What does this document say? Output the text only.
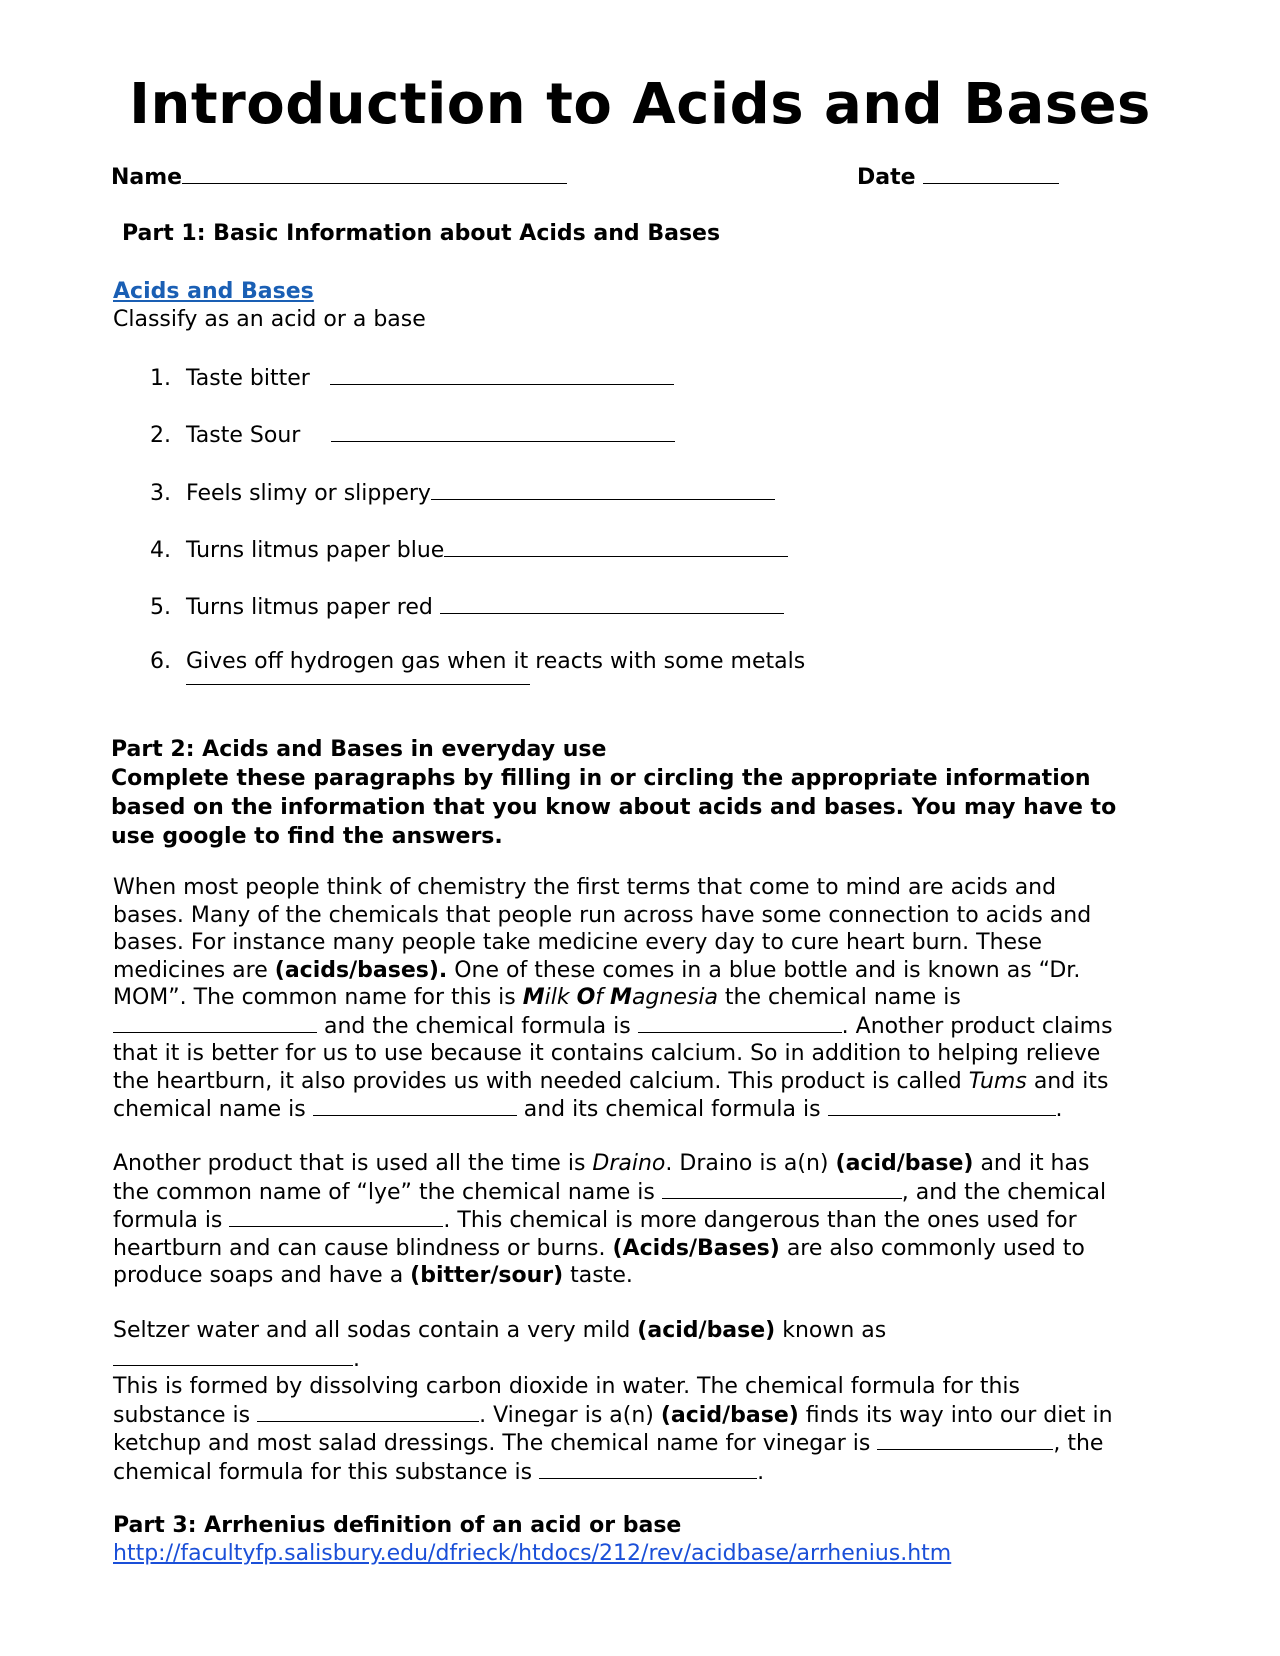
Introduction to Acids and Bases
Name	Date
Part 1: Basic Information about Acids and Bases
Acids and Bases
Classify as an acid or a base
1. Taste bitter
2. Taste Sour
3. Feels slimy or slippery
4. Turns litmus paper blue
5. Turns litmus paper red
6. Gives off hydrogen gas when it reacts with some metals
Part 2: Acids and Bases in everyday use
Complete these paragraphs by filling in or circling the appropriate information
based on the information that you know about acids and bases. You may have to
use google to find the answers.
When most people think of chemistry the first terms that come to mind are acids and
bases. Many of the chemicals that people run across have some connection to acids and
bases. For instance many people take medicine every day to cure heart burn. These
medicines are (acids/bases). One of these comes in a blue bottle and is known as “Dr.
MOM”. The common name for this is Milk Of Magnesia the chemical name is
and the chemical formula is	. Another product claims
that it is better for us to use because it contains calcium. So in addition to helping relieve
the heartburn, it also provides us with needed calcium. This product is called Tums and its
chemical name is	and its chemical formula is	.
Another product that is used all the time is Draino. Draino is a(n) (acid/base) and it has
the common name of “lye” the chemical name is	, and the chemical
formula is	. This chemical is more dangerous than the ones used for
heartburn and can cause blindness or burns. (Acids/Bases) are also commonly used to
produce soaps and have a (bitter/sour) taste.
Seltzer water and all sodas contain a very mild (acid/base) known as
.
This is formed by dissolving carbon dioxide in water. The chemical formula for this
substance is	. Vinegar is a(n) (acid/base) finds its way into our diet in
ketchup and most salad dressings. The chemical name for vinegar is	, the
chemical formula for this substance is	.
Part 3: Arrhenius definition of an acid or base
http://facultyfp.salisbury.edu/dfrieck/htdocs/212/rev/acidbase/arrhenius.htm
